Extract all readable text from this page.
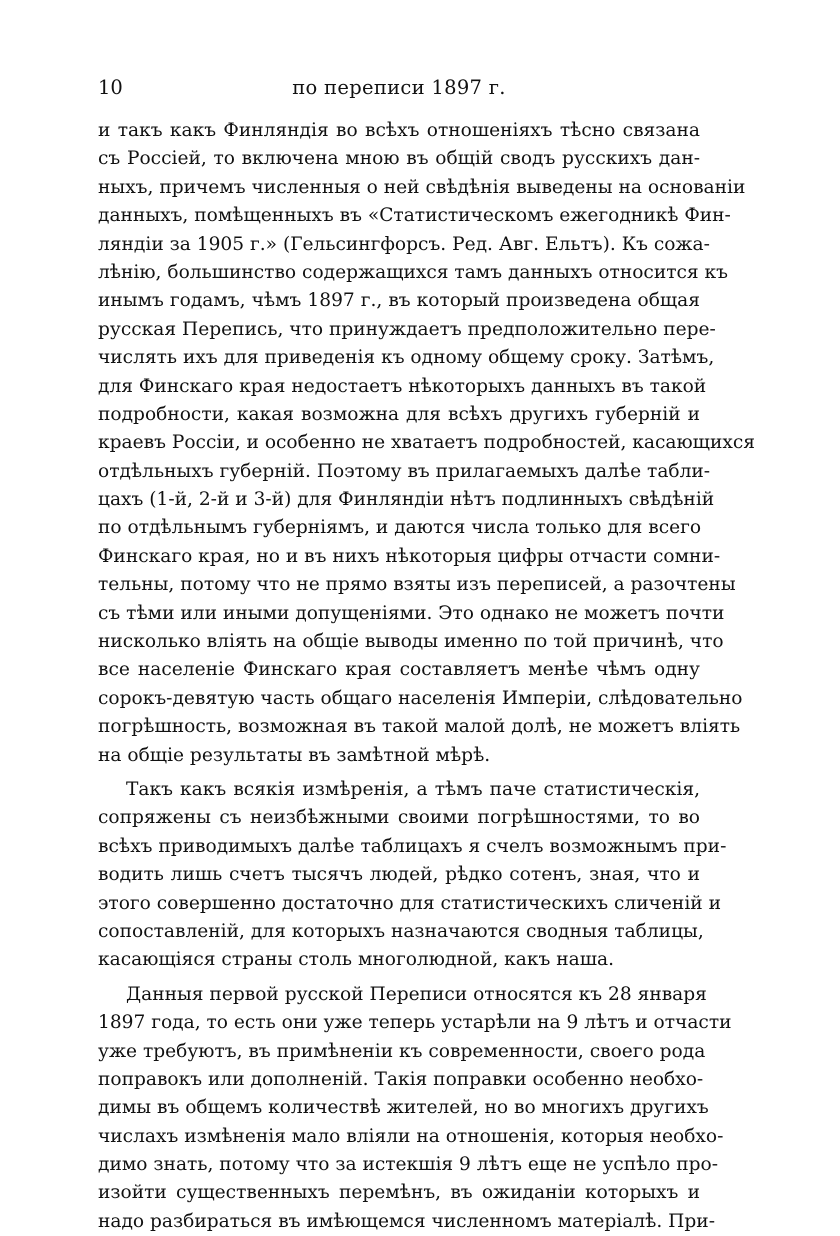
10	по переписи 1897 г.
и такъ какъ Финляндія во всѣхъ отношеніяхъ тѣсно связана
съ Россіей, то включена мною въ общій сводъ русскихъ дан-
ныхъ, причемъ численныя о ней свѣдѣнія выведены на основаніи
данныхъ, помѣщенныхъ въ «Статистическомъ ежегодникѣ Фин-
ляндіи за 1905 г.» (Гельсингфорсъ. Ред. Авг. Ельтъ). Къ сожа-
лѣнію, большинство содержащихся тамъ данныхъ относится къ
инымъ годамъ, чѣмъ 1897 г., въ который произведена общая
русская Перепись, что принуждаетъ предположительно пере-
числять ихъ для приведенія къ одному общему сроку. Затѣмъ,
для Финскаго края недостаетъ нѣкоторыхъ данныхъ въ такой
подробности, какая возможна для всѣхъ другихъ губерній и
краевъ Россіи, и особенно не хватаетъ подробностей, касающихся
отдѣльныхъ губерній. Поэтому въ прилагаемыхъ далѣе табли-
цахъ (1-й, 2-й и 3-й) для Финляндіи нѣтъ подлинныхъ свѣдѣній
по отдѣльнымъ губерніямъ, и даются числа только для всего
Финскаго края, но и въ нихъ нѣкоторыя цифры отчасти сомни-
тельны, потому что не прямо взяты изъ переписей, а разочтены
съ тѣми или иными допущеніями. Это однако не можетъ почти
нисколько влiять на общiе выводы именно по той причинѣ, что
все населеніе Финскаго края составляетъ менѣе чѣмъ одну
сорокъ-девятую часть общаго населенія Имперіи, слѣдовательно
погрѣшность, возможная въ такой малой долѣ, не можетъ влiять
на общіе результаты въ замѣтной мѣрѣ.
Такъ какъ всякія измѣренія, а тѣмъ паче статистическія,
сопряжены съ неизбѣжными своими погрѣшностями, то во
всѣхъ приводимыхъ далѣе таблицахъ я счелъ возможнымъ при-
водить лишь счетъ тысячъ людей, рѣдко сотенъ, зная, что и
этого совершенно достаточно для статистическихъ сличеній и
сопоставленій, для которыхъ назначаются сводныя таблицы,
касающіяся страны столь многолюдной, какъ наша.
Данныя первой русской Переписи относятся къ 28 января
1897 года, то есть они уже теперь устарѣли на 9 лѣтъ и отчасти
уже требуютъ, въ примѣненіи къ современности, своего рода
поправокъ или дополненій. Такія поправки особенно необхо-
димы въ общемъ количествѣ жителей, но во многихъ другихъ
числахъ измѣненія мало вліяли на отношенія, которыя необхо-
димо знать, потому что за истекшія 9 лѣтъ еще не успѣло про-
изойти существенныхъ перемѣнъ, въ ожиданіи которыхъ и
надо разбираться въ имѣющемся численномъ матеріалѣ. При-
